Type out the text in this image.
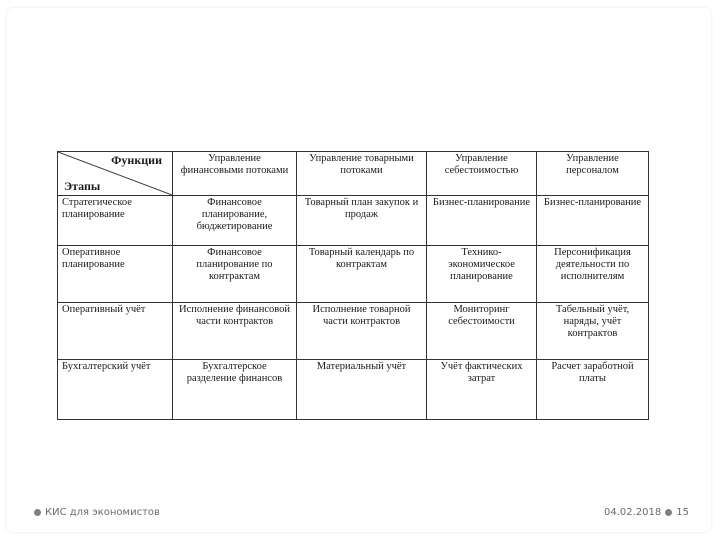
Функции
Этапы	Управление финансовыми потоками	Управление товарными потоками	Управление себестоимостью	Управление персоналом
Стратегическое планирование	Финансовое планирование, бюджетирование	Товарный план закупок и продаж	Бизнес-планирование	Бизнес-планирование
Оперативное планирование	Финансовое планирование по контрактам	Товарный календарь по контрактам	Технико-экономическое планирование	Персонификация деятельности по исполнителям
Оперативный учёт	Исполнение финансовой части контрактов	Исполнение товарной части контрактов	Мониторинг себестоимости	Табельный учёт, наряды, учёт контрактов
Бухгалтерский учёт	Бухгалтерское разделение финансов	Материальный учёт	Учёт фактических затрат	Расчет заработной платы
КИС для экономистов	04.02.2018 15
